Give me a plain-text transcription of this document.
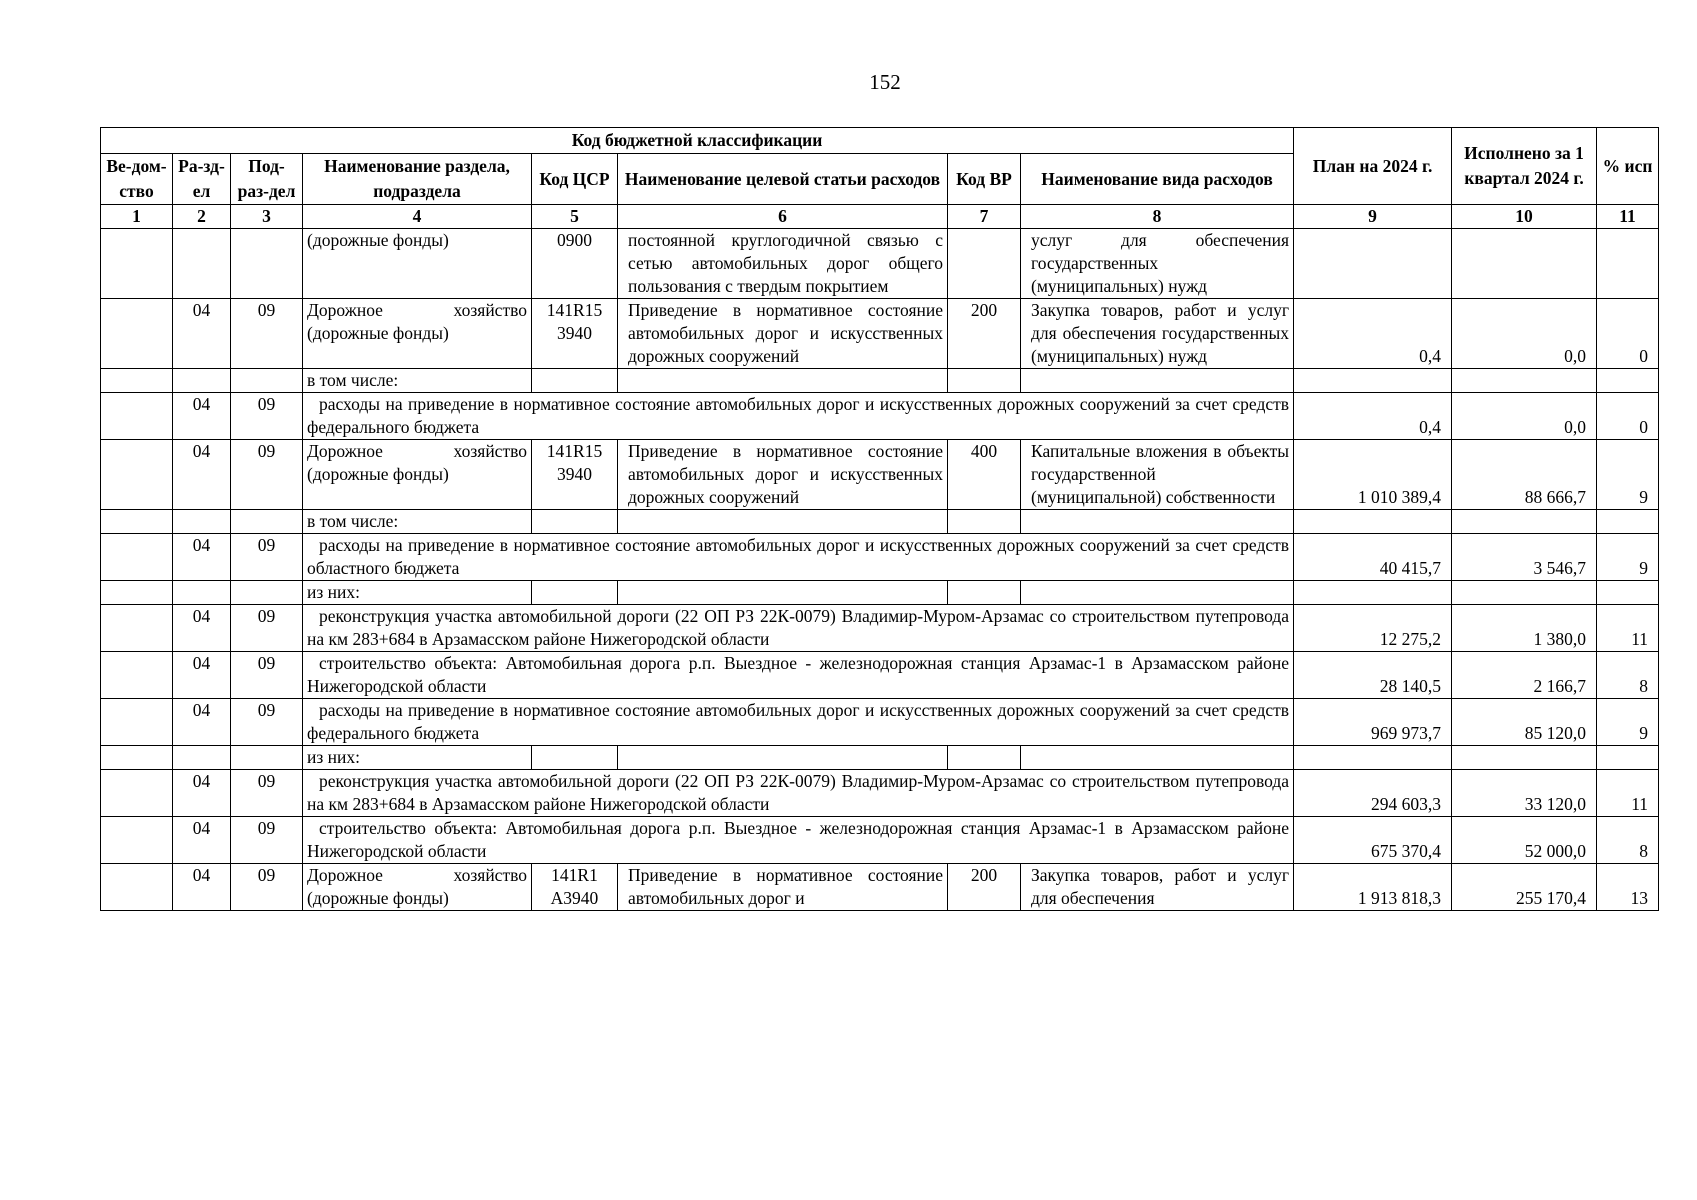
152
Код бюджетной классификации								План на 2024 г.	Исполнено за 1 квартал 2024 г.	% исп
Ве-дом-ство	Ра-зд-ел	Под-раз-дел	Наименование раздела, подраздела	Код ЦСР	Наименование целевой статьи расходов	Код ВР	Наименование вида расходов			
1	2	3	4	5	6	7	8	9	10	11
			(дорожные фонды)	0900	постоянной круглогодичной связью с сетью автомобильных дорог общего пользования с твердым покрытием		услуг для обеспечения государственных (муниципальных) нужд			
	04	09	Дорожное хозяйство (дорожные фонды)	141R15 3940	Приведение в нормативное состояние автомобильных дорог и искусственных дорожных сооружений	200	Закупка товаров, работ и услуг для обеспечения государственных (муниципальных) нужд	0,4	0,0	0
			в том числе:							
	04	09	расходы на приведение в нормативное состояние автомобильных дорог и искусственных дорожных сооружений за счет средств федерального бюджета					0,4	0,0	0
	04	09	Дорожное хозяйство (дорожные фонды)	141R15 3940	Приведение в нормативное состояние автомобильных дорог и искусственных дорожных сооружений	400	Капитальные вложения в объекты государственной (муниципальной) собственности	1 010 389,4	88 666,7	9
			в том числе:							
	04	09	расходы на приведение в нормативное состояние автомобильных дорог и искусственных дорожных сооружений за счет средств областного бюджета					40 415,7	3 546,7	9
			из них:							
	04	09	реконструкция участка автомобильной дороги (22 ОП РЗ 22К-0079) Владимир-Муром-Арзамас со строительством путепровода на км 283+684 в Арзамасском районе Нижегородской области					12 275,2	1 380,0	11
	04	09	строительство объекта: Автомобильная дорога р.п. Выездное - железнодорожная станция Арзамас-1 в Арзамасском районе Нижегородской области					28 140,5	2 166,7	8
	04	09	расходы на приведение в нормативное состояние автомобильных дорог и искусственных дорожных сооружений за счет средств федерального бюджета					969 973,7	85 120,0	9
			из них:							
	04	09	реконструкция участка автомобильной дороги (22 ОП РЗ 22К-0079) Владимир-Муром-Арзамас со строительством путепровода на км 283+684 в Арзамасском районе Нижегородской области					294 603,3	33 120,0	11
	04	09	строительство объекта: Автомобильная дорога р.п. Выездное - железнодорожная станция Арзамас-1 в Арзамасском районе Нижегородской области					675 370,4	52 000,0	8
	04	09	Дорожное хозяйство (дорожные фонды)	141R1 A3940	Приведение в нормативное состояние автомобильных дорог и	200	Закупка товаров, работ и услуг для обеспечения	1 913 818,3	255 170,4	13
